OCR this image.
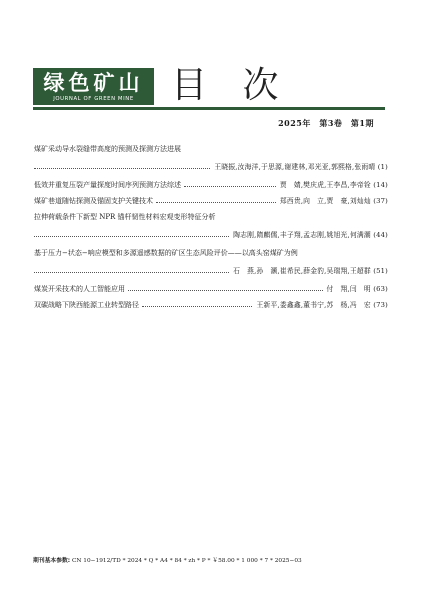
绿色矿山
JOURNAL OF GREEN MINE	目 次
2025年　第3卷　第1期
煤矿采动导水裂缝带高度的预测及探测方法进展
王晓振,汝海洋,于思源,谢建林,邓光亚,郭熙格,张雨晴 (1)
低效并重复压裂产量探度时间序列预测方法综述	贾　婧,樊庆虎,王李昌,李帝铨 (14)
煤矿巷道随钻探测及锚固支护关键技术	郑西贵,向　立,贾　豪,刘灿灿 (37)
拉伸荷载条件下新型 NPR 锚杆韧性材料宏观变形特征分析
陶志刚,隋麒儒,丰子翔,孟志刚,姚旭光,何满潮 (44)
基于压力−状态−响应模型和多源遥感数据的矿区生态风险评价——以高头窑煤矿为例
石　燕,孙　灏,崔希民,薛金豹,吴瑞翔,王超群 (51)
煤炭开采技术的人工智能应用	付　翔,闫　明 (63)
双碳战略下陕西能源工业转型路径	王新平,娄鑫鑫,董书宁,苏　杨,冯　宏 (73)
期刊基本参数: CN 10−1912/TD * 2024 * Q * A4 * 84 * zh * P * ￥58.00 * 1 000 * 7 * 2025−03
